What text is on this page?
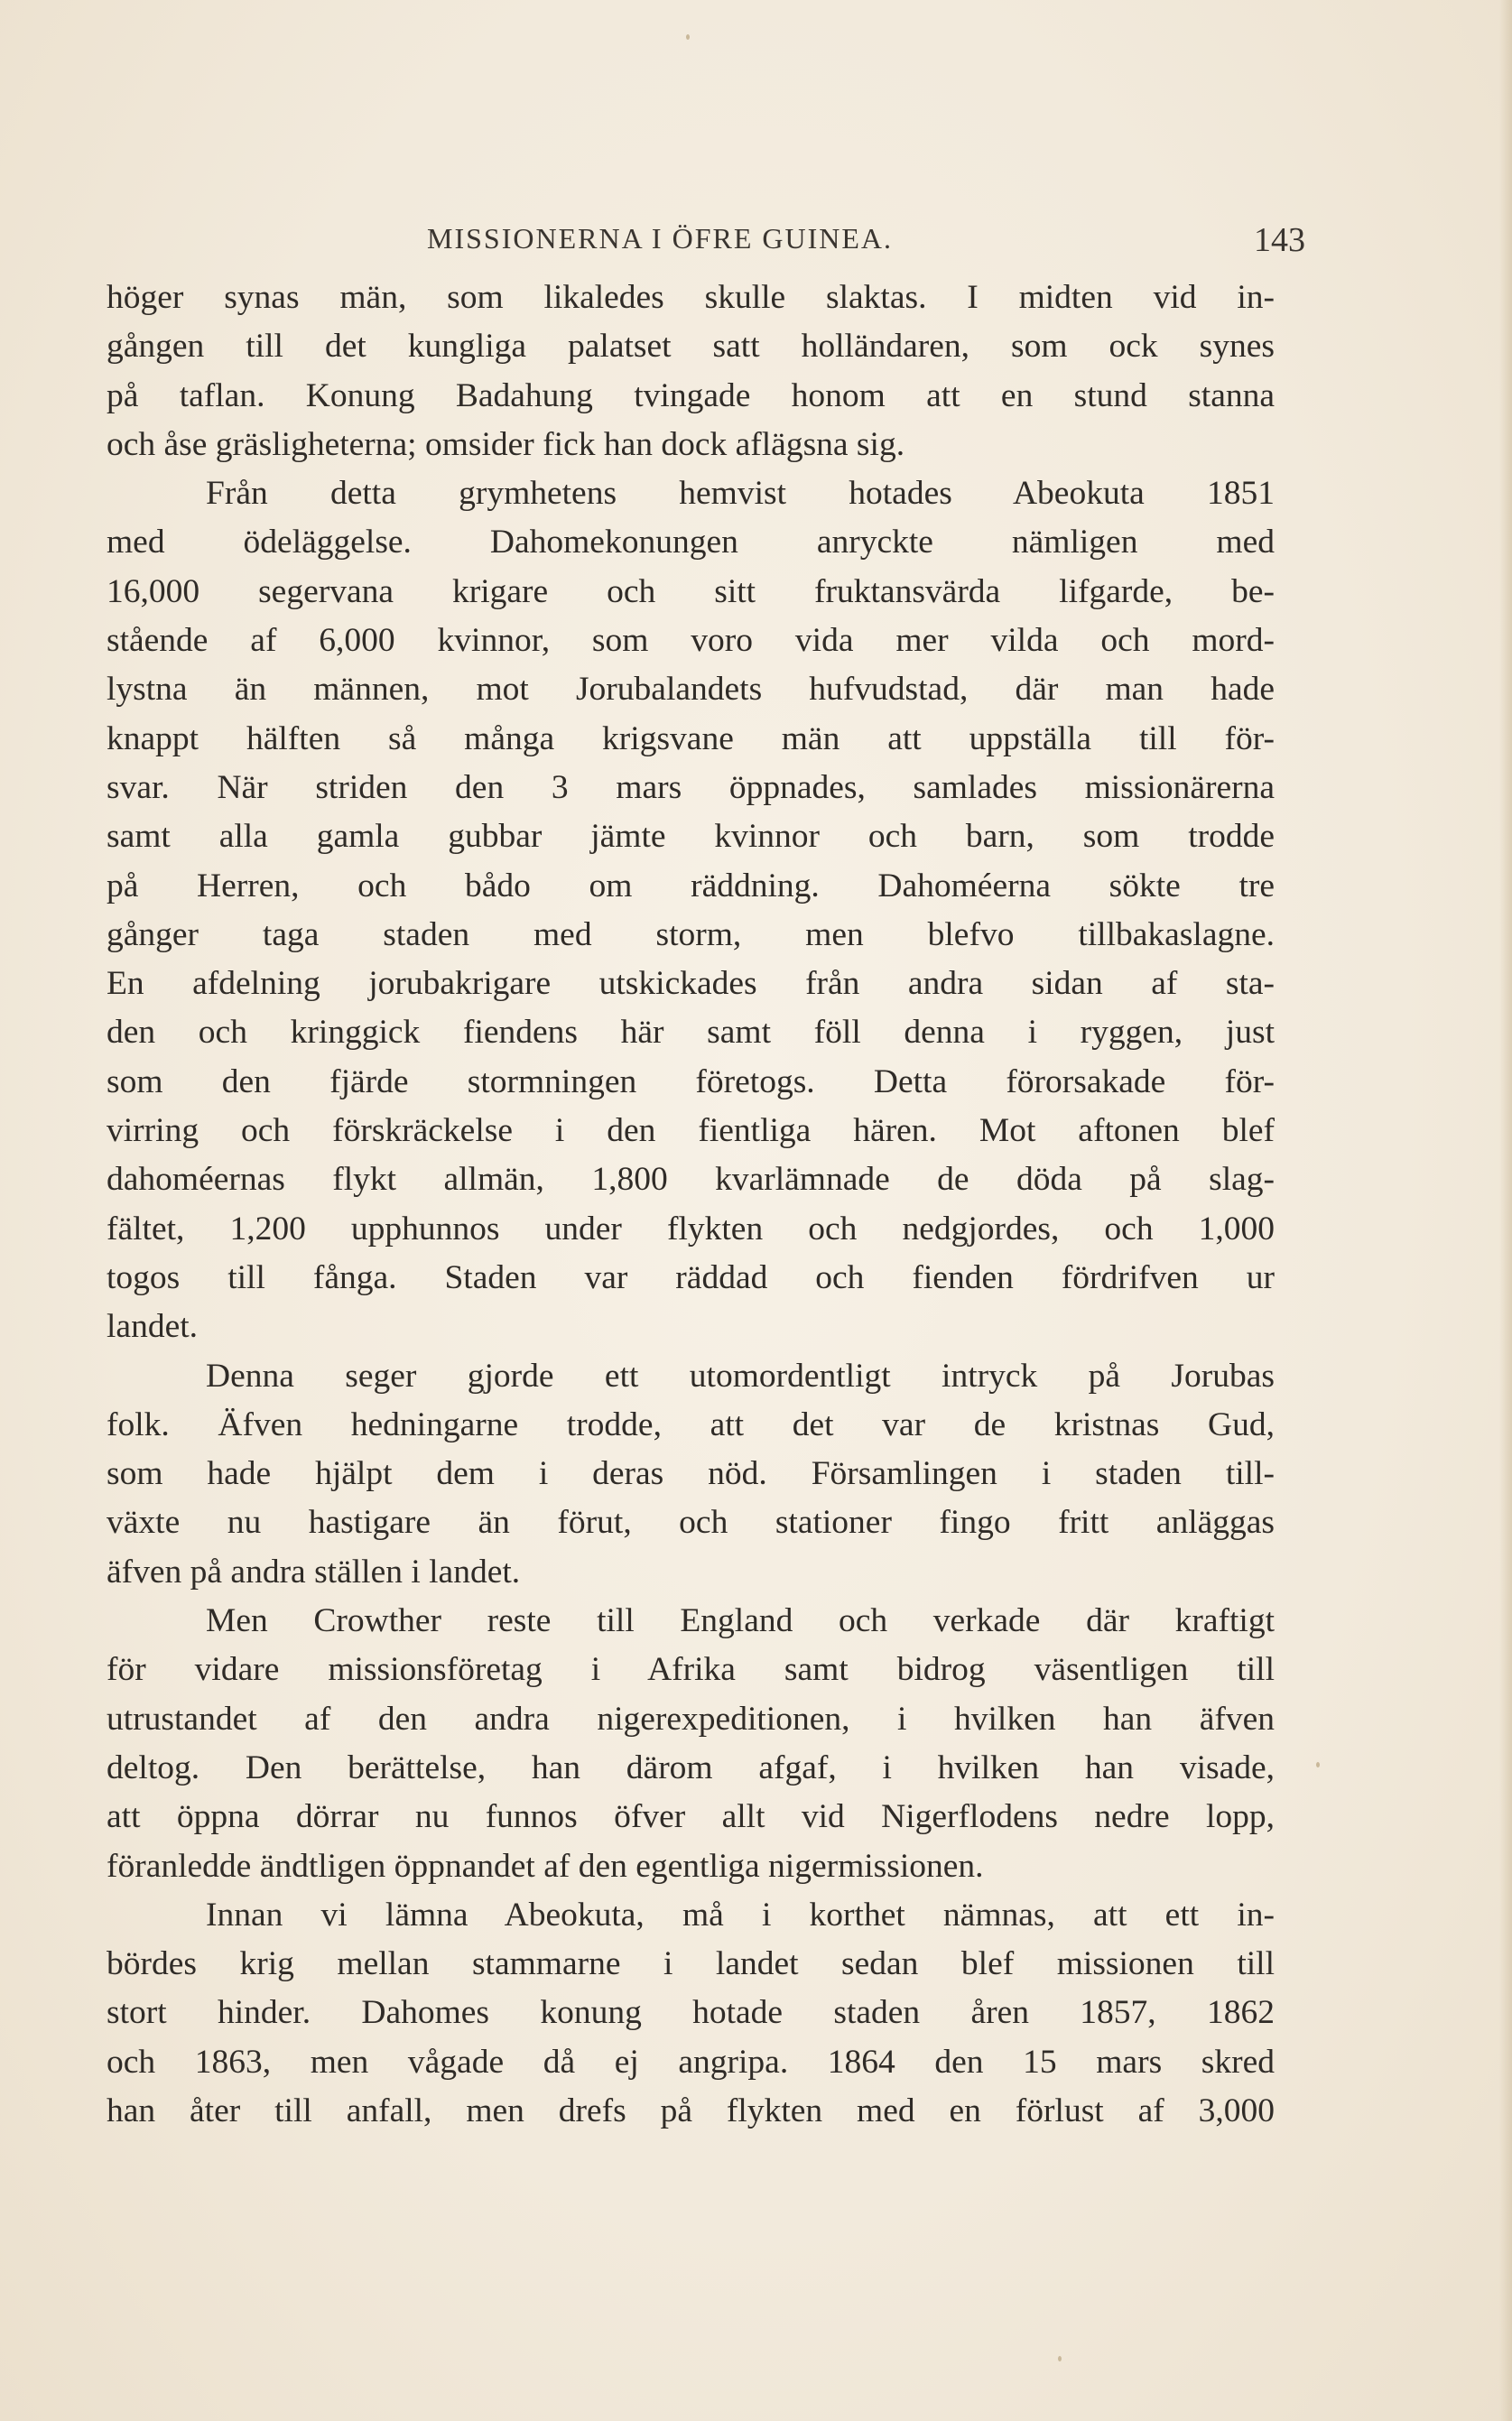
MISSIONERNA I ÖFRE GUINEA.	143
höger synas män, som likaledes skulle slaktas. I midten vid in-
gången till det kungliga palatset satt holländaren, som ock synes
på taflan. Konung Badahung tvingade honom att en stund stanna
och åse gräsligheterna; omsider fick han dock aflägsna sig.
Från detta grymhetens hemvist hotades Abeokuta 1851
med ödeläggelse. Dahomekonungen anryckte nämligen med
16,000 segervana krigare och sitt fruktansvärda lifgarde, be-
stående af 6,000 kvinnor, som voro vida mer vilda och mord-
lystna än männen, mot Jorubalandets hufvudstad, där man hade
knappt hälften så många krigsvane män att uppställa till för-
svar. När striden den 3 mars öppnades, samlades missionärerna
samt alla gamla gubbar jämte kvinnor och barn, som trodde
på Herren, och bådo om räddning. Dahoméerna sökte tre
gånger taga staden med storm, men blefvo tillbakaslagne.
En afdelning jorubakrigare utskickades från andra sidan af sta-
den och kringgick fiendens här samt föll denna i ryggen, just
som den fjärde stormningen företogs. Detta förorsakade för-
virring och förskräckelse i den fientliga hären. Mot aftonen blef
dahoméernas flykt allmän, 1,800 kvarlämnade de döda på slag-
fältet, 1,200 upphunnos under flykten och nedgjordes, och 1,000
togos till fånga. Staden var räddad och fienden fördrifven ur
landet.
Denna seger gjorde ett utomordentligt intryck på Jorubas
folk. Äfven hedningarne trodde, att det var de kristnas Gud,
som hade hjälpt dem i deras nöd. Församlingen i staden till-
växte nu hastigare än förut, och stationer fingo fritt anläggas
äfven på andra ställen i landet.
Men Crowther reste till England och verkade där kraftigt
för vidare missionsföretag i Afrika samt bidrog väsentligen till
utrustandet af den andra nigerexpeditionen, i hvilken han äfven
deltog. Den berättelse, han därom afgaf, i hvilken han visade,
att öppna dörrar nu funnos öfver allt vid Nigerflodens nedre lopp,
föranledde ändtligen öppnandet af den egentliga nigermissionen.
Innan vi lämna Abeokuta, må i korthet nämnas, att ett in-
bördes krig mellan stammarne i landet sedan blef missionen till
stort hinder. Dahomes konung hotade staden åren 1857, 1862
och 1863, men vågade då ej angripa. 1864 den 15 mars skred
han åter till anfall, men drefs på flykten med en förlust af 3,000
